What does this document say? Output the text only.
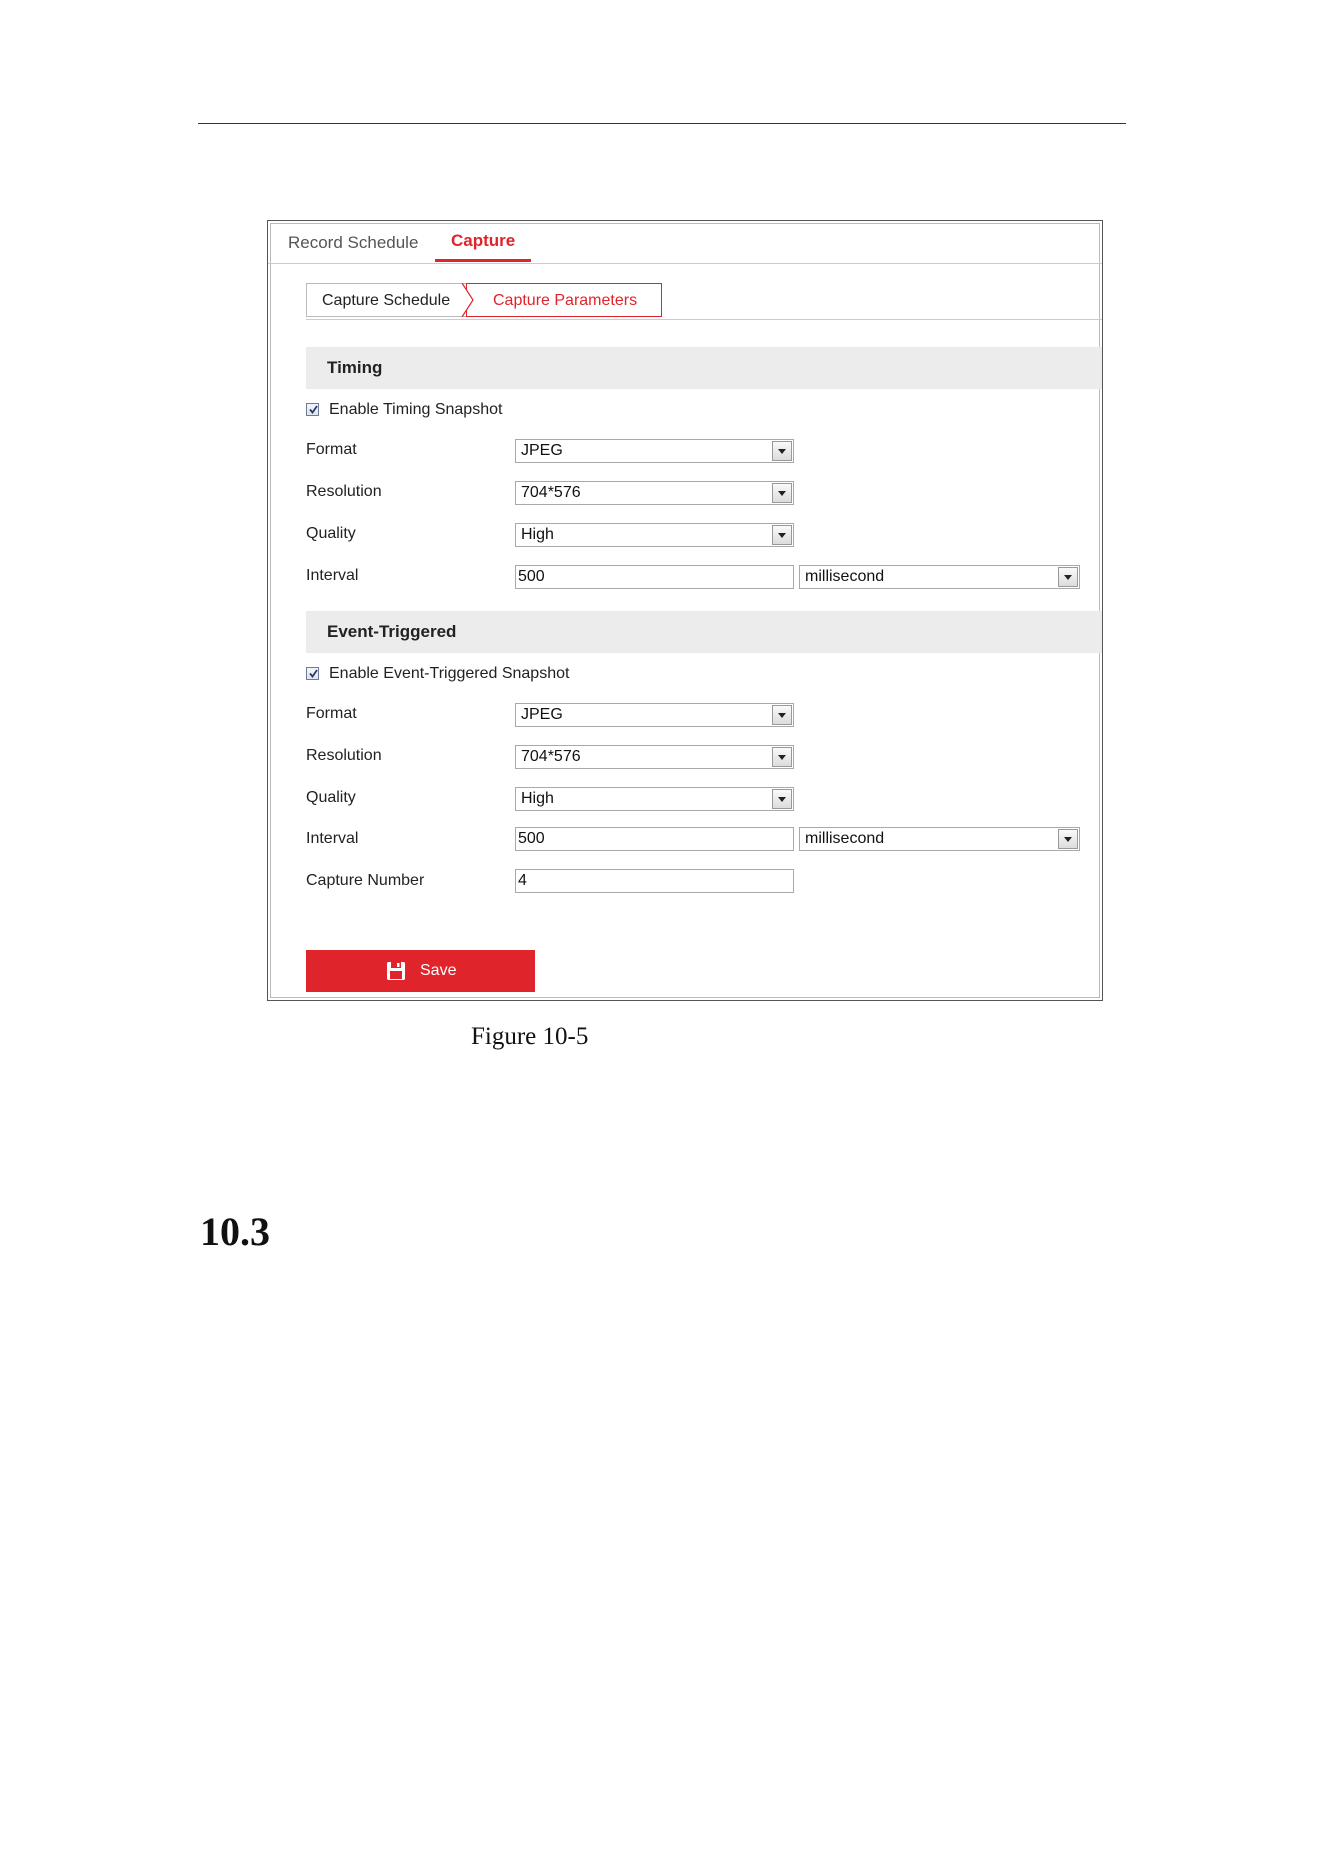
Record Schedule Capture
Capture Schedule	Capture Parameters
Timing
Enable Timing Snapshot
Format	JPEG
Resolution	704*576
Quality	High
Interval	500	millisecond
Event-Triggered
Enable Event-Triggered Snapshot
Format	JPEG
Resolution	704*576
Quality	High
Interval	500	millisecond
Capture Number	4
Save
Figure 10-5
10.3
